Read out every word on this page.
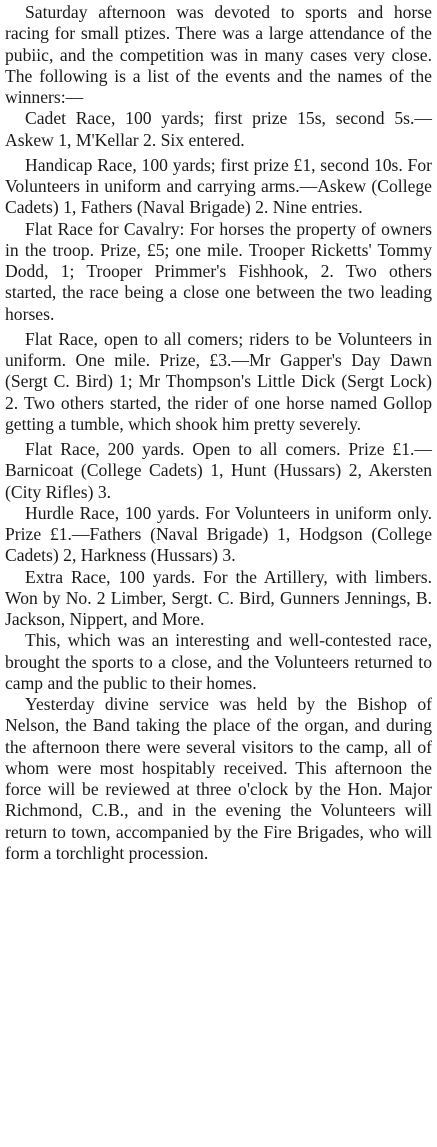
Saturday afternoon was devoted to sports and horse racing for small ptizes. There was a large attendance of the pubiic, and the competition was in many cases very close. The following is a list of the events and the names of the winners:—

Cadet Race, 100 yards; first prize 15s, second 5s.—Askew 1, M'Kellar 2. Six entered.

Handicap Race, 100 yards; first prize £1, second 10s. For Volunteers in uniform and carrying arms.—Askew (College Cadets) 1, Fathers (Naval Brigade) 2. Nine entries.

Flat Race for Cavalry: For horses the property of owners in the troop. Prize, £5; one mile. Trooper Ricketts' Tommy Dodd, 1; Trooper Primmer's Fishhook, 2. Two others started, the race being a close one between the two leading horses.

Flat Race, open to all comers; riders to be Volunteers in uniform. One mile. Prize, £3.—Mr Gapper's Day Dawn (Sergt C. Bird) 1; Mr Thompson's Little Dick (Sergt Lock) 2. Two others started, the rider of one horse named Gollop getting a tumble, which shook him pretty severely.

Flat Race, 200 yards. Open to all comers. Prize £1.—Barnicoat (College Cadets) 1, Hunt (Hussars) 2, Akersten (City Rifles) 3.

Hurdle Race, 100 yards. For Volunteers in uniform only. Prize £1.—Fathers (Naval Brigade) 1, Hodgson (College Cadets) 2, Harkness (Hussars) 3.

Extra Race, 100 yards. For the Artillery, with limbers. Won by No. 2 Limber, Sergt. C. Bird, Gunners Jennings, B. Jackson, Nippert, and More.

This, which was an interesting and well-contested race, brought the sports to a close, and the Volunteers returned to camp and the public to their homes.

Yesterday divine service was held by the Bishop of Nelson, the Band taking the place of the organ, and during the afternoon there were several visitors to the camp, all of whom were most hospitably received. This afternoon the force will be reviewed at three o'clock by the Hon. Major Richmond, C.B., and in the evening the Volunteers will return to town, accompanied by the Fire Brigades, who will form a torchlight procession.
